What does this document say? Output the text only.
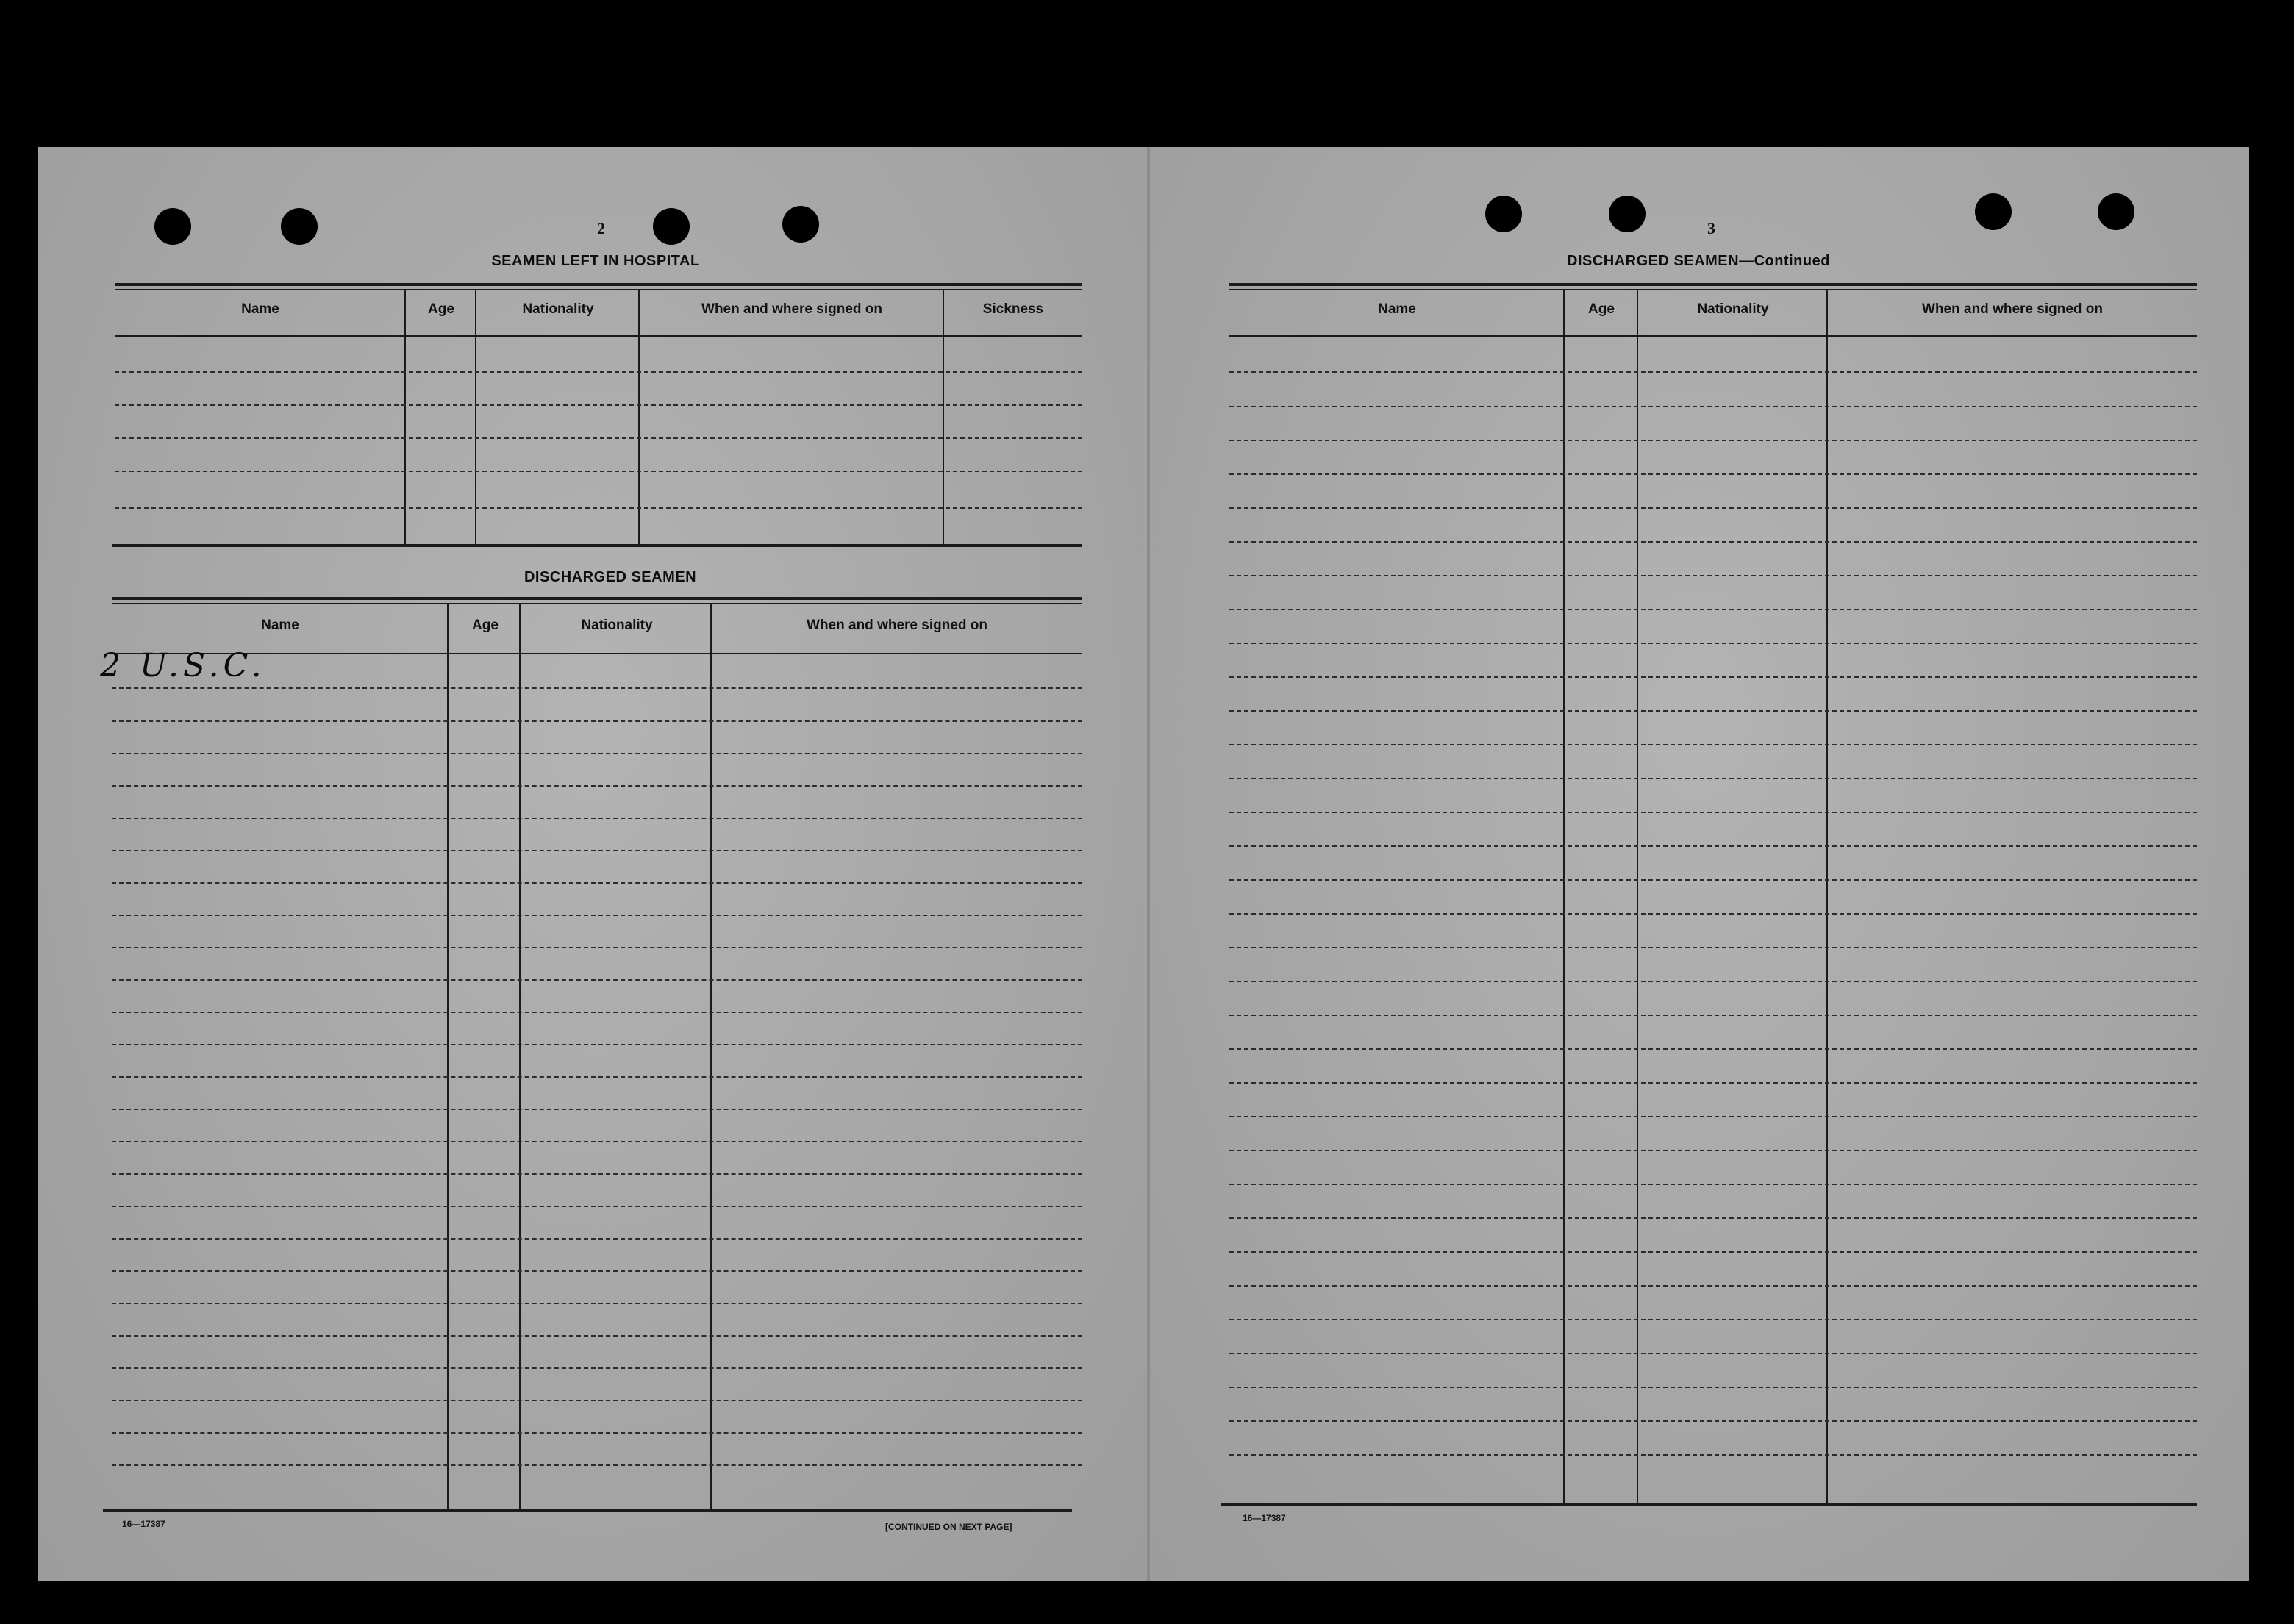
2
SEAMEN LEFT IN HOSPITAL
Name	Age	Nationality	When and where signed on	Sickness
DISCHARGED SEAMEN
Name	Age	Nationality	When and where signed on
2 U.S.C.
16—17387	[CONTINUED ON NEXT PAGE]
3
DISCHARGED SEAMEN—Continued
Name	Age	Nationality	When and where signed on
16—17387
